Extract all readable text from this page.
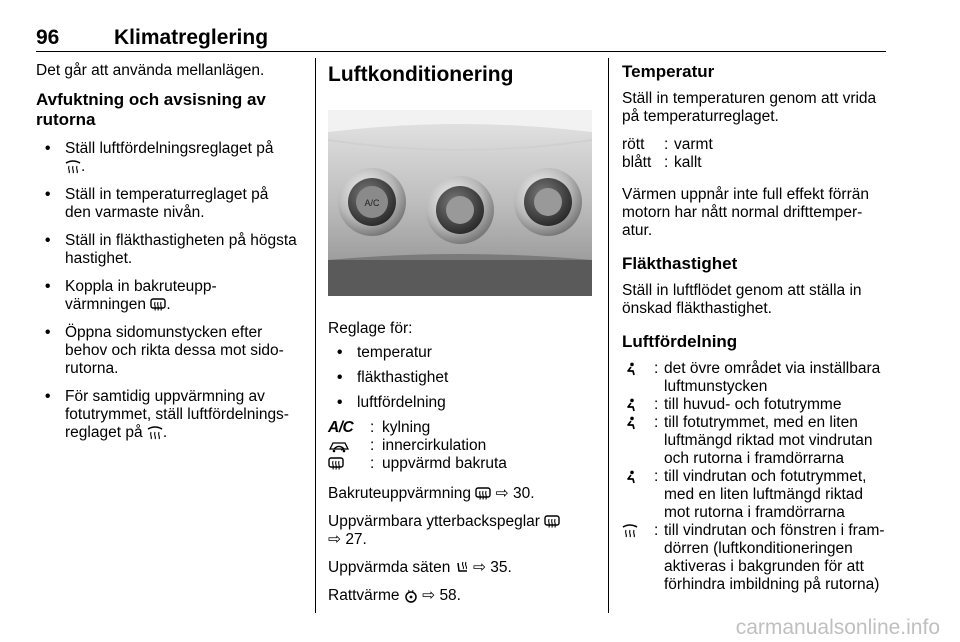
96	Klimatreglering

Det går att använda mellanlägen.

Avfuktning och avsisning av rutorna
• Ställ luftfördelningsreglaget på
.
• Ställ in temperaturreglaget på den varmaste nivån.
• Ställ in fläkthastigheten på högsta hastighet.
• Koppla in bakruteupp- värmningen .
• Öppna sidomunstycken efter behov och rikta dessa mot sido- rutorna.
• För samtidig uppvärmning av fotutrymmet, ställ luftfördelnings- reglaget på .
Luftkonditionering
A/C

Reglage för:

• temperatur
• fläkthastighet
• luftfördelning
A/C	: kylning
: innercirkulation
: uppvärmd bakruta

Bakruteuppvärmning ⇨ 30.

Uppvärmbara ytterbackspeglar
⇨ 27.

Uppvärmda säten ⇨ 35.

Rattvärme ⇨ 58.

Temperatur

Ställ in temperaturen genom att vrida på temperaturreglaget.

rött	: varmt
blått : kallt

Värmen uppnår inte full effekt förrän motorn har nått normal drifttemper- atur.

Fläkthastighet

Ställ in luftflödet genom att ställa in önskad fläkthastighet.

Luftfördelning
: det övre området via inställbara luftmunstycken
: till huvud- och fotutrymme
: till fotutrymmet, med en liten luftmängd riktad mot vindrutan och rutorna i framdörrarna
: till vindrutan och fotutrymmet, med en liten luftmängd riktad mot rutorna i framdörrarna
: till vindrutan och fönstren i fram- dörren (luftkonditioneringen aktiveras i bakgrunden för att förhindra imbildning på rutorna)
carmanualsonline.info
